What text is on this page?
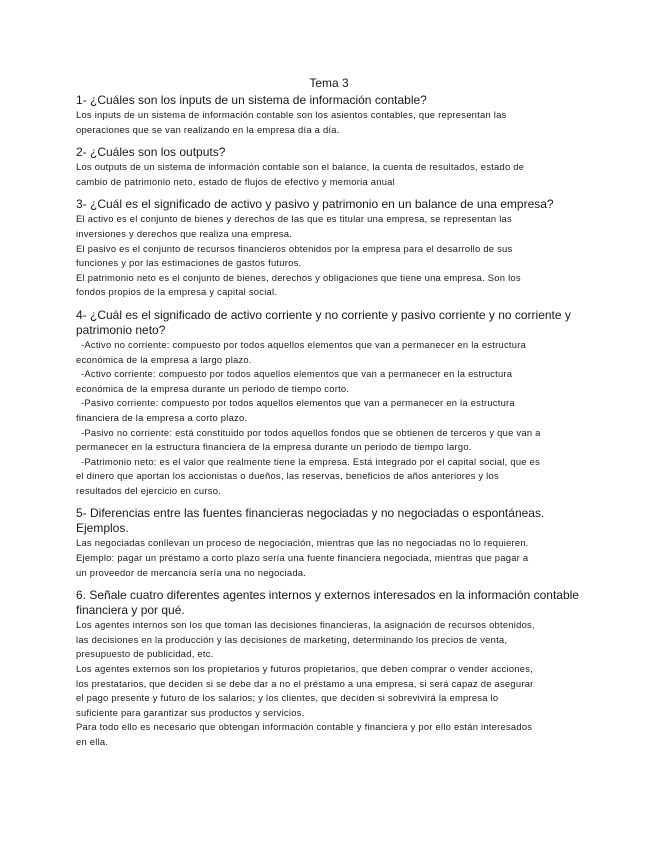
Tema 3

1- ¿Cuáles son los inputs de un sistema de información contable?

Los inputs de un sistema de información contable son los asientos contables, que representan las

operaciones que se van realizando en la empresa día a día.

2- ¿Cuáles son los outputs?

Los outputs de un sistema de información contable son el balance, la cuenta de resultados, estado de

cambio de patrimonio neto, estado de flujos de efectivo y memoria anual

3- ¿Cuál es el significado de activo y pasivo y patrimonio en un balance de una empresa?

El activo es el conjunto de bienes y derechos de las que es titular una empresa, se representan las

inversiones y derechos que realiza una empresa.

El pasivo es el conjunto de recursos financieros obtenidos por la empresa para el desarrollo de sus

funciones y por las estimaciones de gastos futuros.

El patrimonio neto es el conjunto de bienes, derechos y obligaciones que tiene una empresa. Son los

fondos propios de la empresa y capital social.

4- ¿Cuál es el significado de activo corriente y no corriente y pasivo corriente y no corriente y

patrimonio neto?

-Activo no corriente: compuesto por todos aquellos elementos que van a permanecer en la estructura

económica de la empresa a largo plazo.

-Activo corriente: compuesto por todos aquellos elementos que van a permanecer en la estructura

económica de la empresa durante un periodo de tiempo corto.

-Pasivo corriente: compuesto por todos aquellos elementos que van a permanecer en la estructura

financiera de la empresa a corto plazo.

-Pasivo no corriente: está constituido por todos aquellos fondos que se obtienen de terceros y que van a

permanecer en la estructura financiera de la empresa durante un periodo de tiempo largo.

-Patrimonio neto: es el valor que realmente tiene la empresa. Está integrado por el capital social, que es

el dinero que aportan los accionistas o dueños, las reservas, beneficios de años anteriores y los

resultados del ejercicio en curso.

5- Diferencias entre las fuentes financieras negociadas y no negociadas o espontáneas.

Ejemplos.

Las negociadas conllevan un proceso de negociación, mientras que las no negociadas no lo requieren.

Ejemplo: pagar un préstamo a corto plazo sería una fuente financiera negociada, mientras que pagar a

un proveedor de mercancía sería una no negociada.

6. Señale cuatro diferentes agentes internos y externos interesados en la información contable

financiera y por qué.

Los agentes internos son los que toman las decisiones financieras, la asignación de recursos obtenidos,

las decisiones en la producción y las decisiones de marketing, determinando los precios de venta,

presupuesto de publicidad, etc.

Los agentes externos son los propietarios y futuros propietarios, que deben comprar o vender acciones,

los prestatarios, que deciden si se debe dar a no el préstamo a una empresa, si será capaz de asegurar

el pago presente y futuro de los salarios; y los clientes, que deciden si sobrevivirá la empresa lo

suficiente para garantizar sus productos y servicios.

Para todo ello es necesario que obtengan información contable y financiera y por ello están interesados

en ella.
